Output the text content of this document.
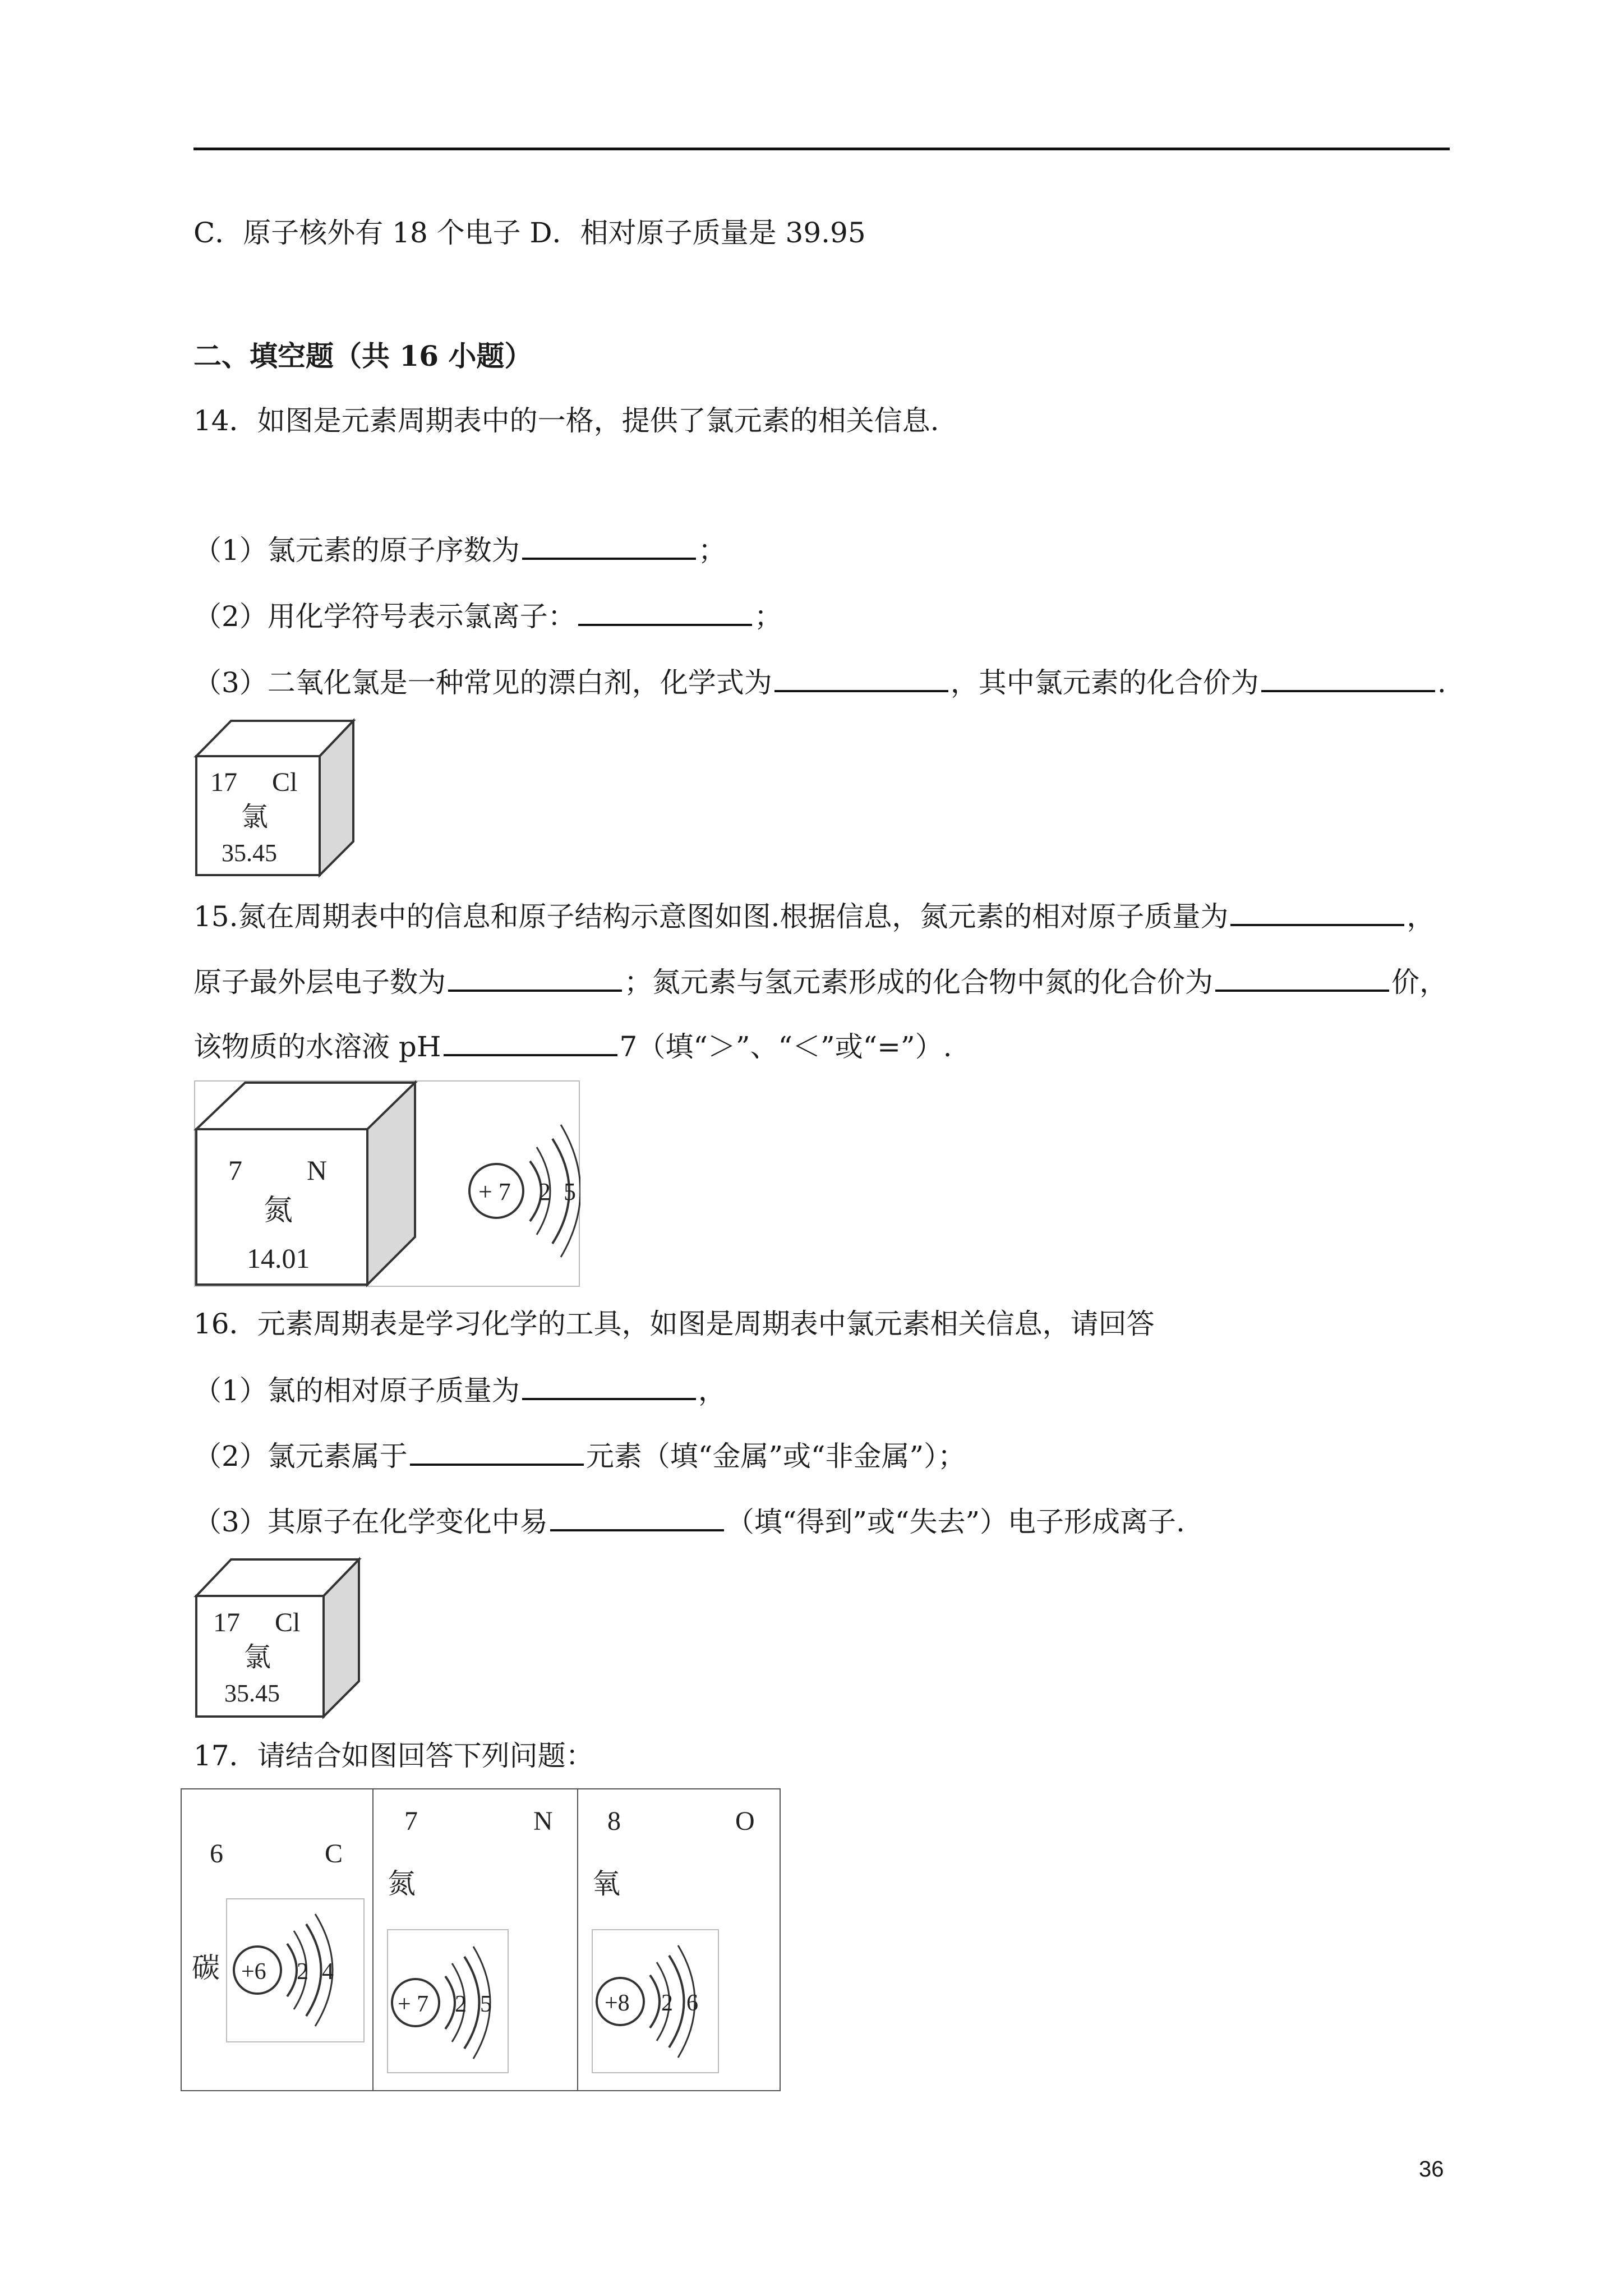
C．原子核外有 18 个电子 D．相对原子质量是 39.95
二、填空题（共 16 小题）
14．如图是元素周期表中的一格，提供了氯元素的相关信息.
（1）氯元素的原子序数为	；
（2）用化学符号表示氯离子：	；
（3）二氧化氯是一种常见的漂白剂，化学式为	，其中氯元素的化合价为	.
17 Cl
氯
35.45
15.氮在周期表中的信息和原子结构示意图如图.根据信息，氮元素的相对原子质量为	，
原子最外层电子数为	；氮元素与氢元素形成的化合物中氮的化合价为	价，
该物质的水溶液 pH	7（填“＞”、“＜”或“=”）.
7 N
氮
14.01
+ 7 2 5
16．元素周期表是学习化学的工具，如图是周期表中氯元素相关信息，请回答
（1）氯的相对原子质量为	，
（2）氯元素属于	元素（填“金属”或“非金属”）；
（3）其原子在化学变化中易	（填“得到”或“失去”）电子形成离子.
17 Cl
氯
35.45
17．请结合如图回答下列问题：
6	C
碳 +6 2 4
7	N
氮
+ 7 2 5
8	O
氧
+8 2 6
36
